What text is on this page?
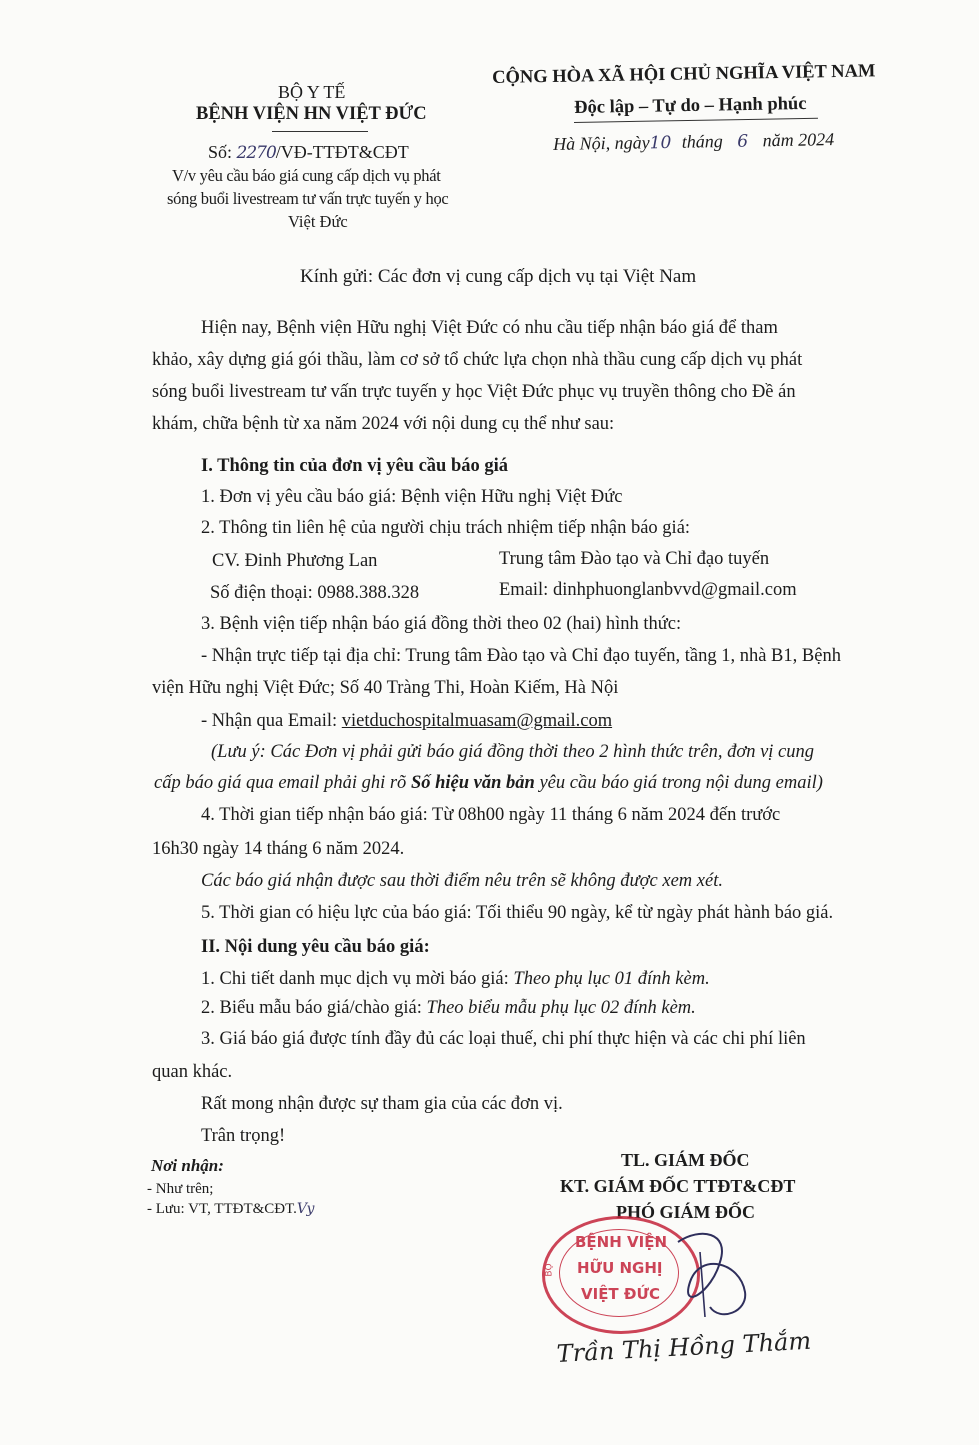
BỘ Y TẾ
BỆNH VIỆN HN VIỆT ĐỨC
Số: 2270/VĐ-TTĐT&CĐT
V/v yêu cầu báo giá cung cấp dịch vụ phát
sóng buổi livestream tư vấn trực tuyến y học
Việt Đức
CỘNG HÒA XÃ HỘI CHỦ NGHĨA VIỆT NAM
Độc lập – Tự do – Hạnh phúc
Hà Nội, ngày10 tháng 6 năm 2024
Kính gửi: Các đơn vị cung cấp dịch vụ tại Việt Nam
Hiện nay, Bệnh viện Hữu nghị Việt Đức có nhu cầu tiếp nhận báo giá để tham
khảo, xây dựng giá gói thầu, làm cơ sở tổ chức lựa chọn nhà thầu cung cấp dịch vụ phát
sóng buổi livestream tư vấn trực tuyến y học Việt Đức phục vụ truyền thông cho Đề án
khám, chữa bệnh từ xa năm 2024 với nội dung cụ thể như sau:
I. Thông tin của đơn vị yêu cầu báo giá
1. Đơn vị yêu cầu báo giá: Bệnh viện Hữu nghị Việt Đức
2. Thông tin liên hệ của người chịu trách nhiệm tiếp nhận báo giá:
CV. Đinh Phương Lan	Trung tâm Đào tạo và Chỉ đạo tuyến
Số điện thoại: 0988.388.328	Email: dinhphuonglanbvvd@gmail.com
3. Bệnh viện tiếp nhận báo giá đồng thời theo 02 (hai) hình thức:
- Nhận trực tiếp tại địa chỉ: Trung tâm Đào tạo và Chỉ đạo tuyến, tầng 1, nhà B1, Bệnh
viện Hữu nghị Việt Đức; Số 40 Tràng Thi, Hoàn Kiếm, Hà Nội
- Nhận qua Email: vietduchospitalmuasam@gmail.com
(Lưu ý: Các Đơn vị phải gửi báo giá đồng thời theo 2 hình thức trên, đơn vị cung
cấp báo giá qua email phải ghi rõ Số hiệu văn bản yêu cầu báo giá trong nội dung email)
4. Thời gian tiếp nhận báo giá: Từ 08h00 ngày 11 tháng 6 năm 2024 đến trước
16h30 ngày 14 tháng 6 năm 2024.
Các báo giá nhận được sau thời điểm nêu trên sẽ không được xem xét.
5. Thời gian có hiệu lực của báo giá: Tối thiểu 90 ngày, kể từ ngày phát hành báo giá.
II. Nội dung yêu cầu báo giá:
1. Chi tiết danh mục dịch vụ mời báo giá: Theo phụ lục 01 đính kèm.
2. Biểu mẫu báo giá/chào giá: Theo biểu mẫu phụ lục 02 đính kèm.
3. Giá báo giá được tính đầy đủ các loại thuế, chi phí thực hiện và các chi phí liên
quan khác.
Rất mong nhận được sự tham gia của các đơn vị.
Trân trọng!
Nơi nhận:
- Như trên;
- Lưu: VT, TTĐT&CĐT.Vy
TL. GIÁM ĐỐC
KT. GIÁM ĐỐC TTĐT&CĐT
PHÓ GIÁM ĐỐC
BỆNH VIỆN
HỮU NGHỊ
VIỆT ĐỨC
BỘ
Trần Thị Hồng Thắm
